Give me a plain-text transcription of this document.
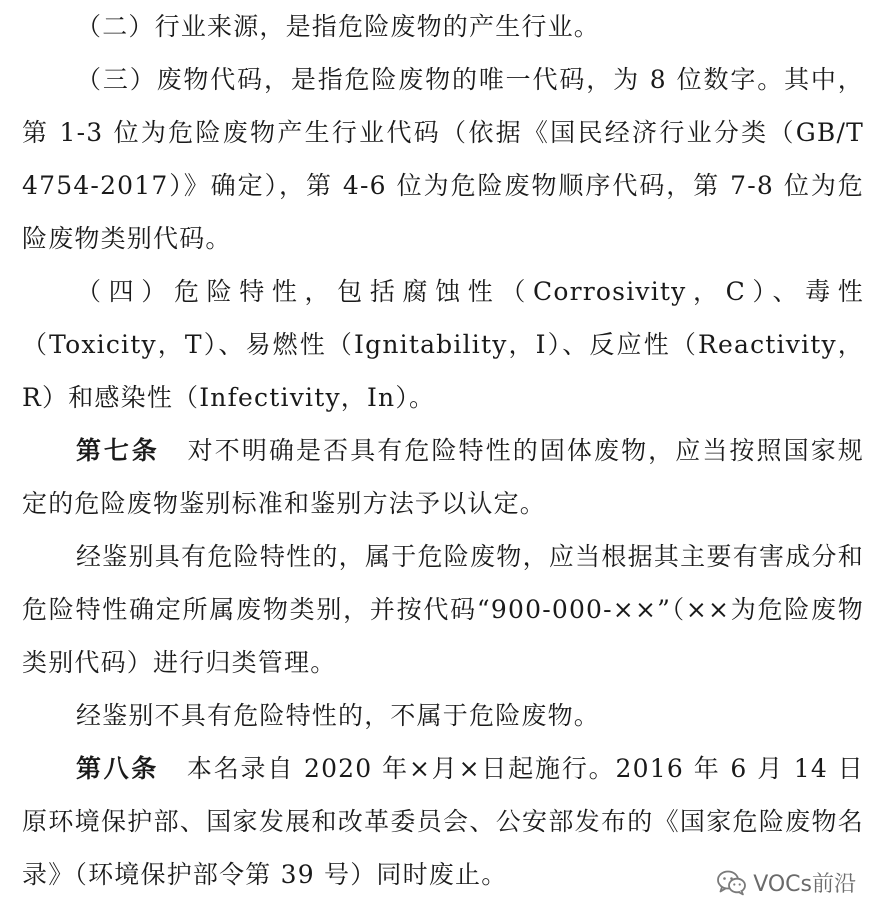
（二）行业来源，是指危险废物的产生行业。

（三）废物代码，是指危险废物的唯一代码，为 8 位数字。其中，第 1-3 位为危险废物产生行业代码（依据《国民经济行业分类（GB/T 4754-2017）》确定），第 4-6 位为危险废物顺序代码，第 7-8 位为危险废物类别代码。

（四）危险特性，包括腐蚀性（Corrosivity，C）、毒性（Toxicity，T）、易燃性（Ignitability，I）、反应性（Reactivity，R）和感染性（Infectivity，In）。

第七条 对不明确是否具有危险特性的固体废物，应当按照国家规定的危险废物鉴别标准和鉴别方法予以认定。

经鉴别具有危险特性的，属于危险废物，应当根据其主要有害成分和危险特性确定所属废物类别，并按代码“900-000-××”（××为危险废物类别代码）进行归类管理。

经鉴别不具有危险特性的，不属于危险废物。

第八条 本名录自 2020 年×月×日起施行。2016 年 6 月 14 日原环境保护部、国家发展和改革委员会、公安部发布的《国家危险废物名录》（环境保护部令第 39 号）同时废止。	VOCs前沿
